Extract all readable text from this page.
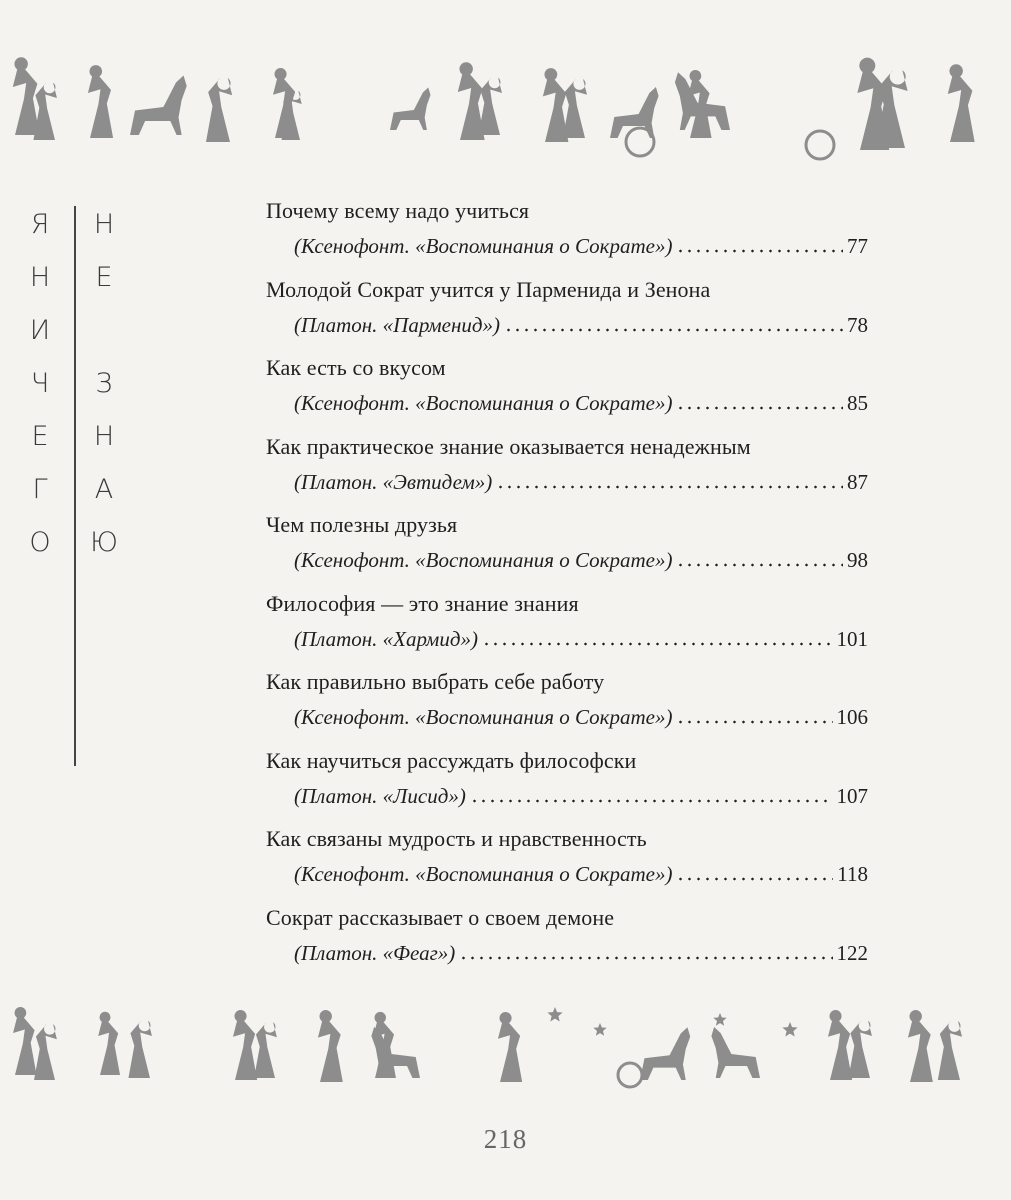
Я
Н
И
Ч
Е
Г
О
Н
Е
З
Н
А
Ю
Почему всему надо учиться
(Ксенофонт. «Воспоминания о Сократе»)	77
Молодой Сократ учится у Парменида и Зенона
(Платон. «Парменид»)	78
Как есть со вкусом
(Ксенофонт. «Воспоминания о Сократе»)	85
Как практическое знание оказывается ненадежным
(Платон. «Эвтидем»)	87
Чем полезны друзья
(Ксенофонт. «Воспоминания о Сократе»)	98
Философия — это знание знания
(Платон. «Хармид»)	101
Как правильно выбрать себе работу
(Ксенофонт. «Воспоминания о Сократе»)	106
Как научиться рассуждать философски
(Платон. «Лисид»)	107
Как связаны мудрость и нравственность
(Ксенофонт. «Воспоминания о Сократе»)	118
Сократ рассказывает о своем демоне
(Платон. «Феаг»)	122
218
